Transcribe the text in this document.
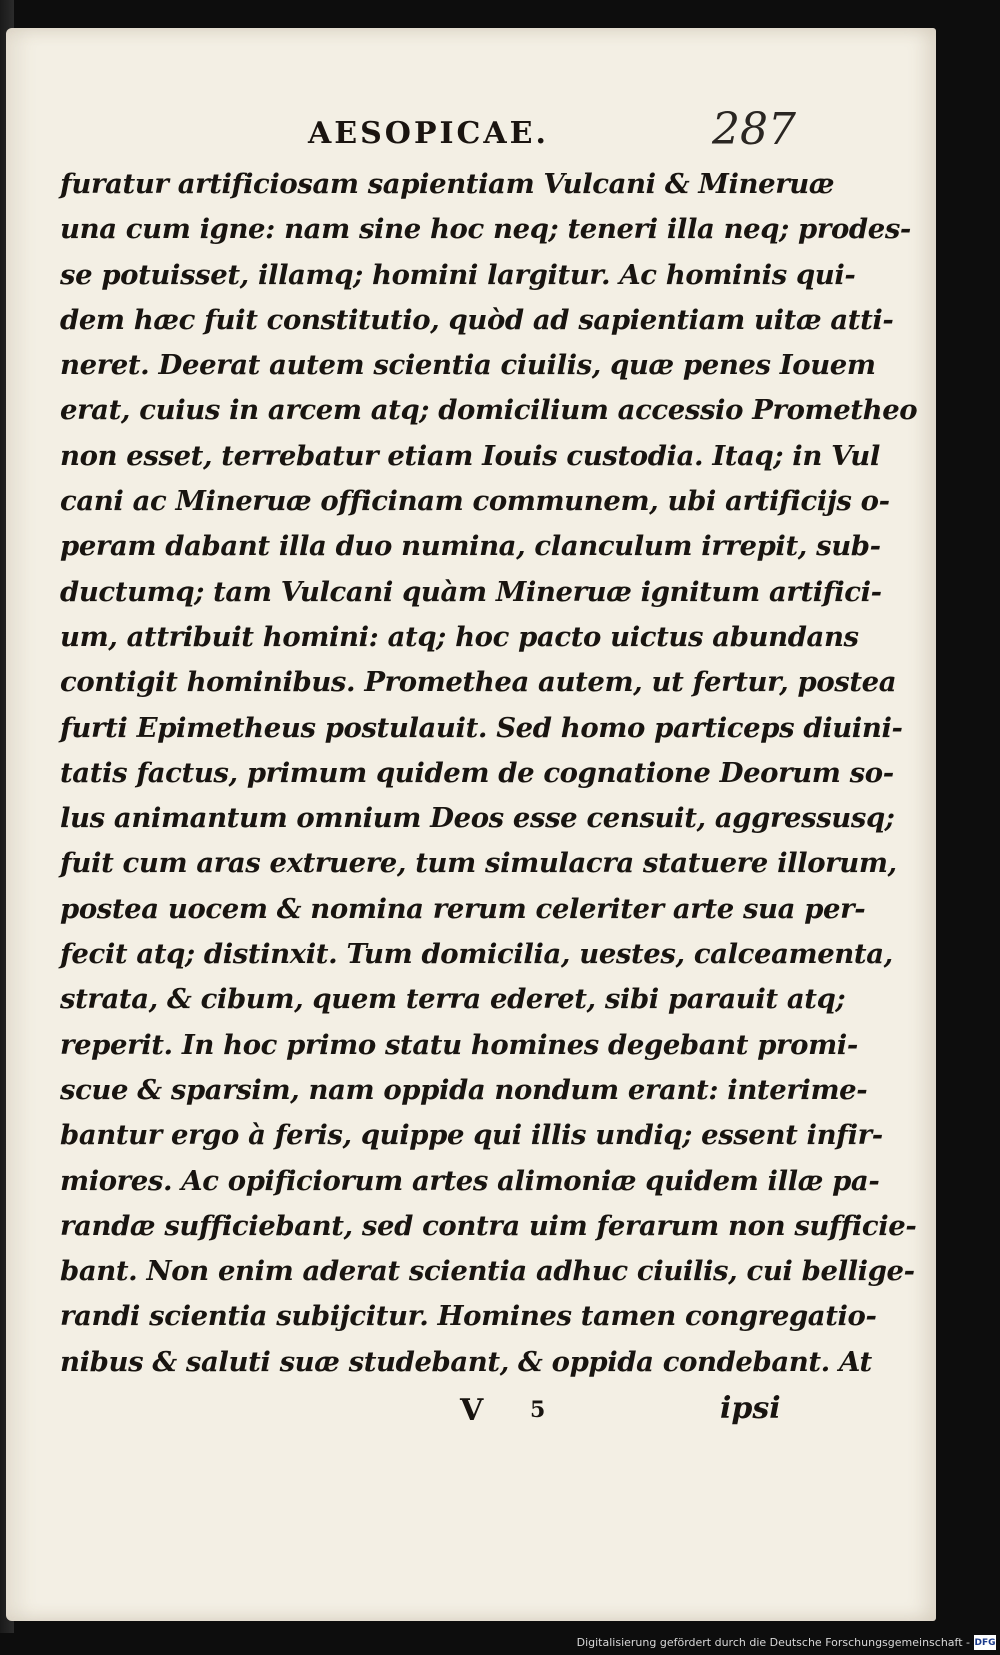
AESOPICAE.	287
furatur artificiosam sapientiam Vulcani & Mineruæ
una cum igne: nam sine hoc neq; teneri illa neq; prodes-
se potuisset, illamq; homini largitur. Ac hominis qui-
dem hæc fuit constitutio, quòd ad sapientiam uitæ atti-
neret. Deerat autem scientia ciuilis, quæ penes Iouem
erat, cuius in arcem atq; domicilium accessio Prometheo
non esset, terrebatur etiam Iouis custodia. Itaq; in Vul
cani ac Mineruæ officinam communem, ubi artificijs o-
peram dabant illa duo numina, clanculum irrepit, sub-
ductumq; tam Vulcani quàm Mineruæ ignitum artifici-
um, attribuit homini: atq; hoc pacto uictus abundans
contigit hominibus. Promethea autem, ut fertur, postea
furti Epimetheus postulauit. Sed homo particeps diuini-
tatis factus, primum quidem de cognatione Deorum so-
lus animantum omnium Deos esse censuit, aggressusq;
fuit cum aras extruere, tum simulacra statuere illorum,
postea uocem & nomina rerum celeriter arte sua per-
fecit atq; distinxit. Tum domicilia, uestes, calceamenta,
strata, & cibum, quem terra ederet, sibi parauit atq;
reperit. In hoc primo statu homines degebant promi-
scue & sparsim, nam oppida nondum erant: interime-
bantur ergo à feris, quippe qui illis undiq; essent infir-
miores. Ac opificiorum artes alimoniæ quidem illæ pa-
randæ sufficiebant, sed contra uim ferarum non sufficie-
bant. Non enim aderat scientia adhuc ciuilis, cui bellige-
randi scientia subijcitur. Homines tamen congregatio-
nibus & saluti suæ studebant, & oppida condebant. At
V 5	ipsi
Digitalisierung gefördert durch die Deutsche Forschungsgemeinschaft - DFG
